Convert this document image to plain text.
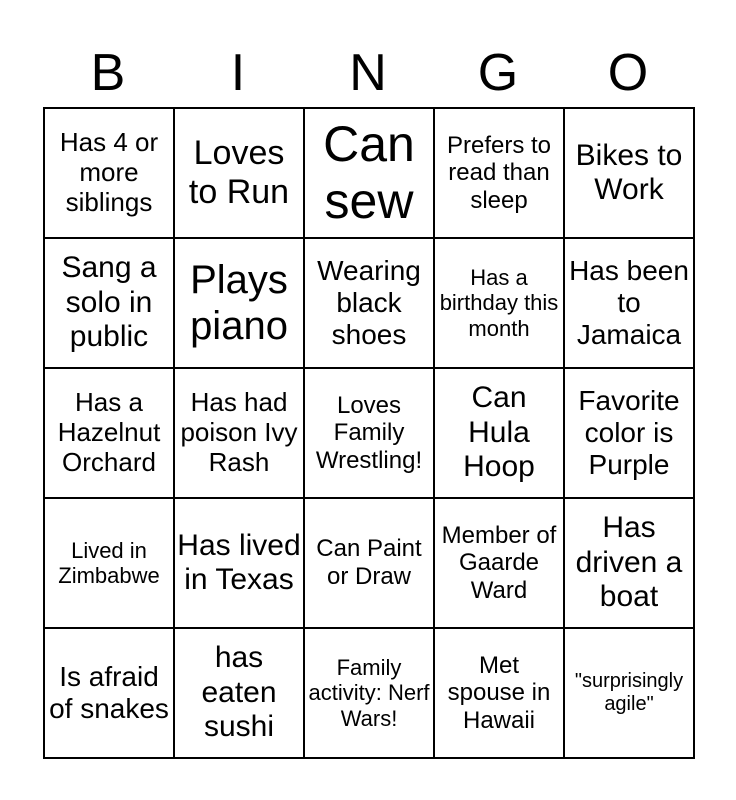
B	I	N	G	O
Has 4 or more siblings	Loves to Run	Can sew	Prefers to read than sleep	Bikes to Work
Sang a solo in public	Plays piano	Wearing black shoes	Has a birthday this month	Has been to Jamaica
Has a Hazelnut Orchard	Has had poison Ivy Rash	Loves Family Wrestling!	Can Hula Hoop	Favorite color is Purple
Lived in Zimbabwe	Has lived in Texas	Can Paint or Draw	Member of Gaarde Ward	Has driven a boat
Is afraid of snakes	has eaten sushi	Family activity: Nerf Wars!	Met spouse in Hawaii	"surprisingly agile"
